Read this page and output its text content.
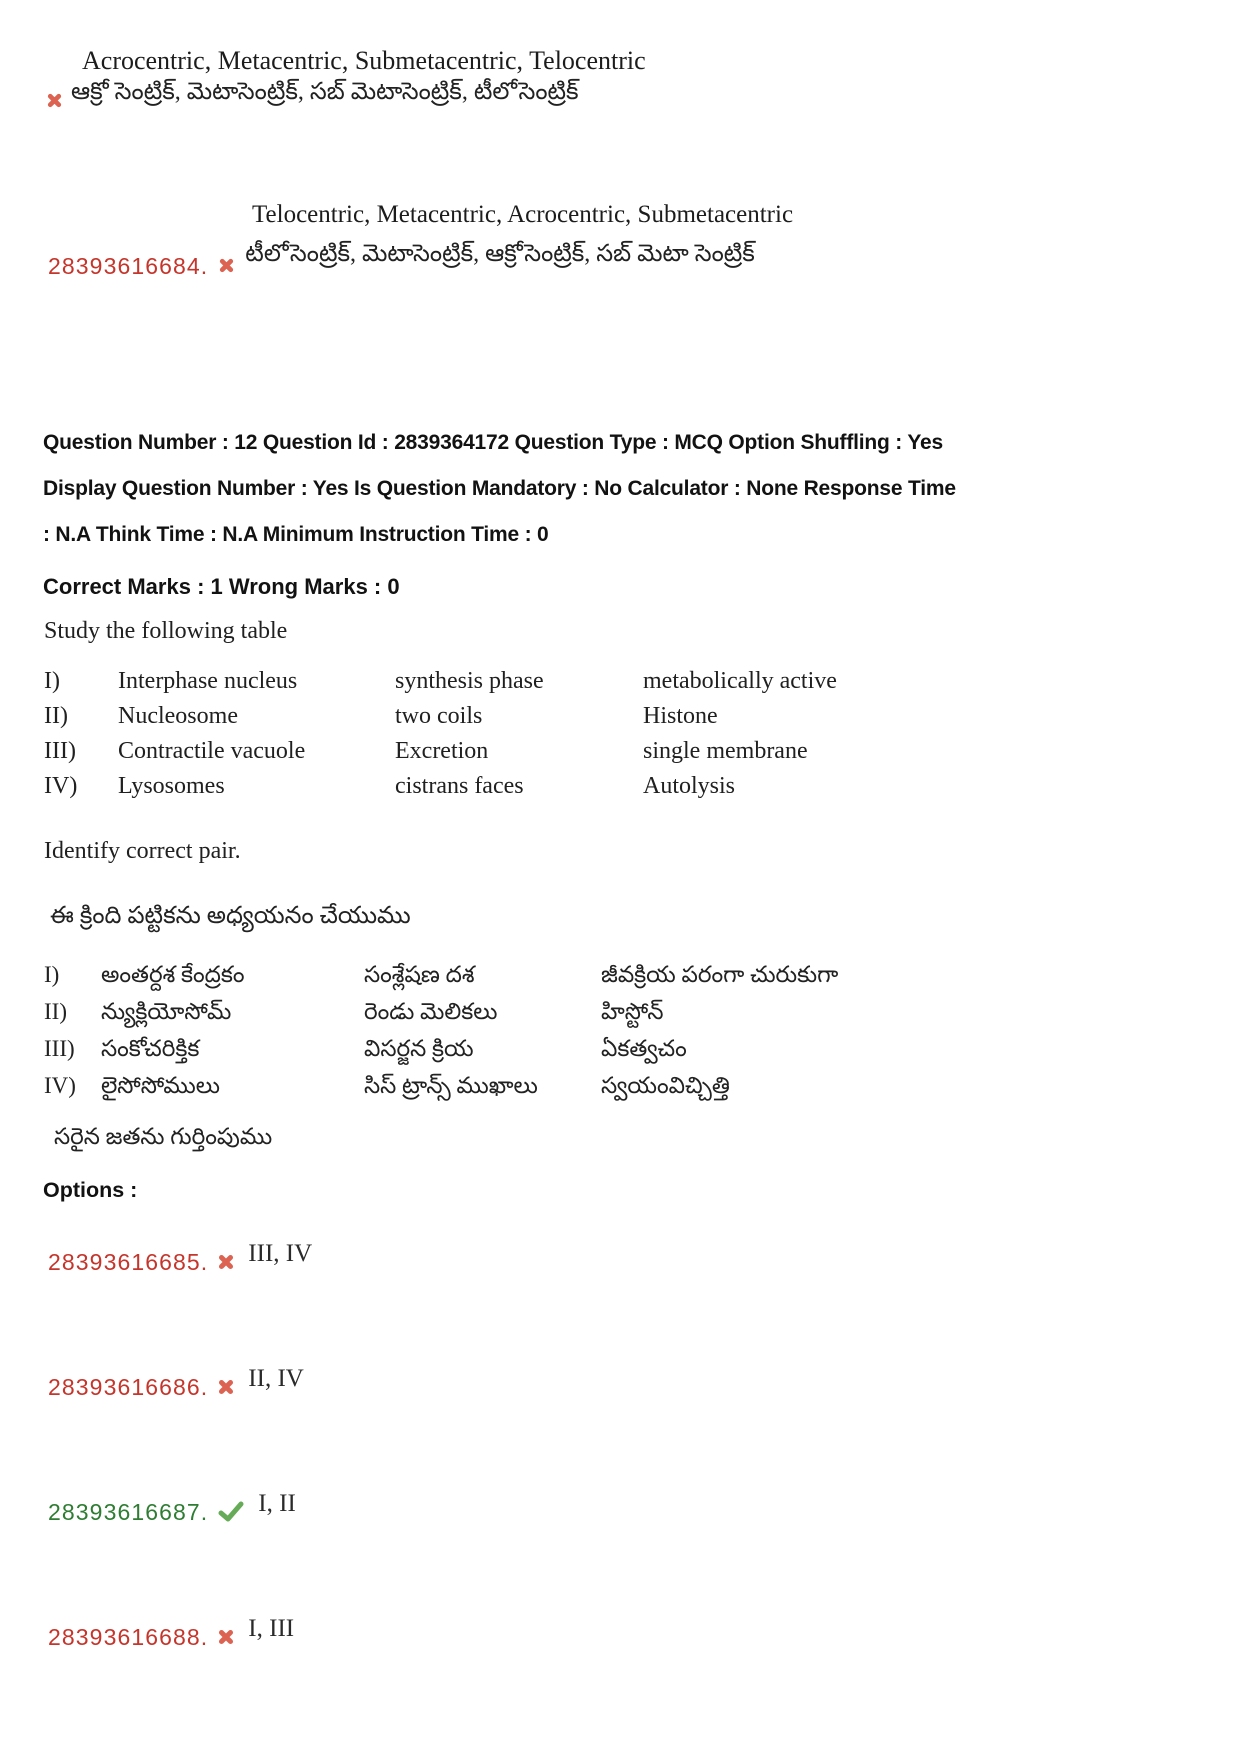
Acrocentric, Metacentric, Submetacentric, Telocentric
ఆక్రో సెంట్రిక్, మెటాసెంట్రిక్, సబ్ మెటాసెంట్రిక్, టీలోసెంట్రిక్
Telocentric, Metacentric, Acrocentric, Submetacentric
28393616684. టీలోసెంట్రిక్, మెటాసెంట్రిక్, ఆక్రోసెంట్రిక్, సబ్ మెటా సెంట్రిక్
Question Number : 12 Question Id : 2839364172 Question Type : MCQ Option Shuffling : Yes
Display Question Number : Yes Is Question Mandatory : No Calculator : None Response Time
: N.A Think Time : N.A Minimum Instruction Time : 0
Correct Marks : 1 Wrong Marks : 0
Study the following table
I)	Interphase nucleus	synthesis phase	metabolically active
II)	Nucleosome	two coils	Histone
III)	Contractile vacuole	Excretion	single membrane
IV)	Lysosomes	cistrans faces	Autolysis
Identify correct pair.
ఈ క్రింది పట్టికను అధ్యయనం చేయుము
I)	అంతర్దశ కేంద్రకం	సంశ్లేషణ దశ	జీవక్రియ పరంగా చురుకుగా
II)	న్యుక్లియోసోమ్	రెండు మెలికలు	హిస్టోన్
III)	సంకోచరిక్తిక	విసర్జన క్రియ	ఏకత్వచం
IV)	లైసోసోములు	సిస్ ట్రాన్స్ ముఖాలు	స్వయంవిచ్చిత్తి
సరైన జతను గుర్తింపుము
Options :
28393616685. III, IV
28393616686. II, IV
28393616687. I, II
28393616688. I, III
